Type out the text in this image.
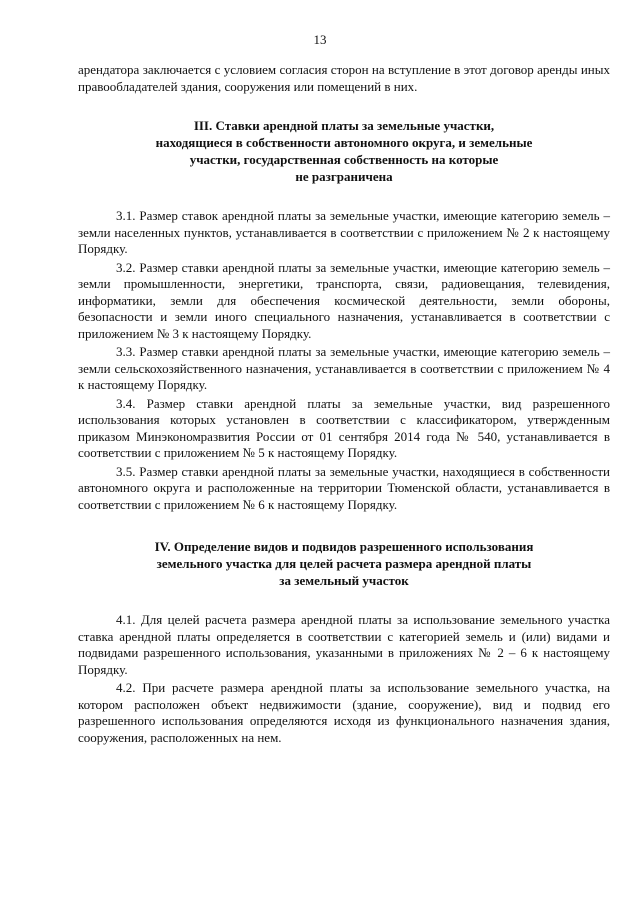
13

арендатора заключается с условием согласия сторон на вступление в этот договор аренды иных правообладателей здания, сооружения или помещений в них.

III. Ставки арендной платы за земельные участки,
находящиеся в собственности автономного округа, и земельные
участки, государственная собственность на которые
не разграничена

3.1. Размер ставок арендной платы за земельные участки, имеющие категорию земель – земли населенных пунктов, устанавливается в соответствии с приложением № 2 к настоящему Порядку.

3.2. Размер ставки арендной платы за земельные участки, имеющие категорию земель – земли промышленности, энергетики, транспорта, связи, радиовещания, телевидения, информатики, земли для обеспечения космической деятельности, земли обороны, безопасности и земли иного специального назначения, устанавливается в соответствии с приложением № 3 к настоящему Порядку.

3.3. Размер ставки арендной платы за земельные участки, имеющие категорию земель – земли сельскохозяйственного назначения, устанавливается в соответствии с приложением № 4 к настоящему Порядку.

3.4. Размер ставки арендной платы за земельные участки, вид разрешенного использования которых установлен в соответствии с классификатором, утвержденным приказом Минэкономразвития России от 01 сентября 2014 года № 540, устанавливается в соответствии с приложением № 5 к настоящему Порядку.

3.5. Размер ставки арендной платы за земельные участки, находящиеся в собственности автономного округа и расположенные на территории Тюменской области, устанавливается в соответствии с приложением № 6 к настоящему Порядку.

IV. Определение видов и подвидов разрешенного использования
земельного участка для целей расчета размера арендной платы
за земельный участок

4.1. Для целей расчета размера арендной платы за использование земельного участка ставка арендной платы определяется в соответствии с категорией земель и (или) видами и подвидами разрешенного использования, указанными в приложениях № 2 – 6 к настоящему Порядку.

4.2. При расчете размера арендной платы за использование земельного участка, на котором расположен объект недвижимости (здание, сооружение), вид и подвид его разрешенного использования определяются исходя из функционального назначения здания, сооружения, расположенных на нем.
